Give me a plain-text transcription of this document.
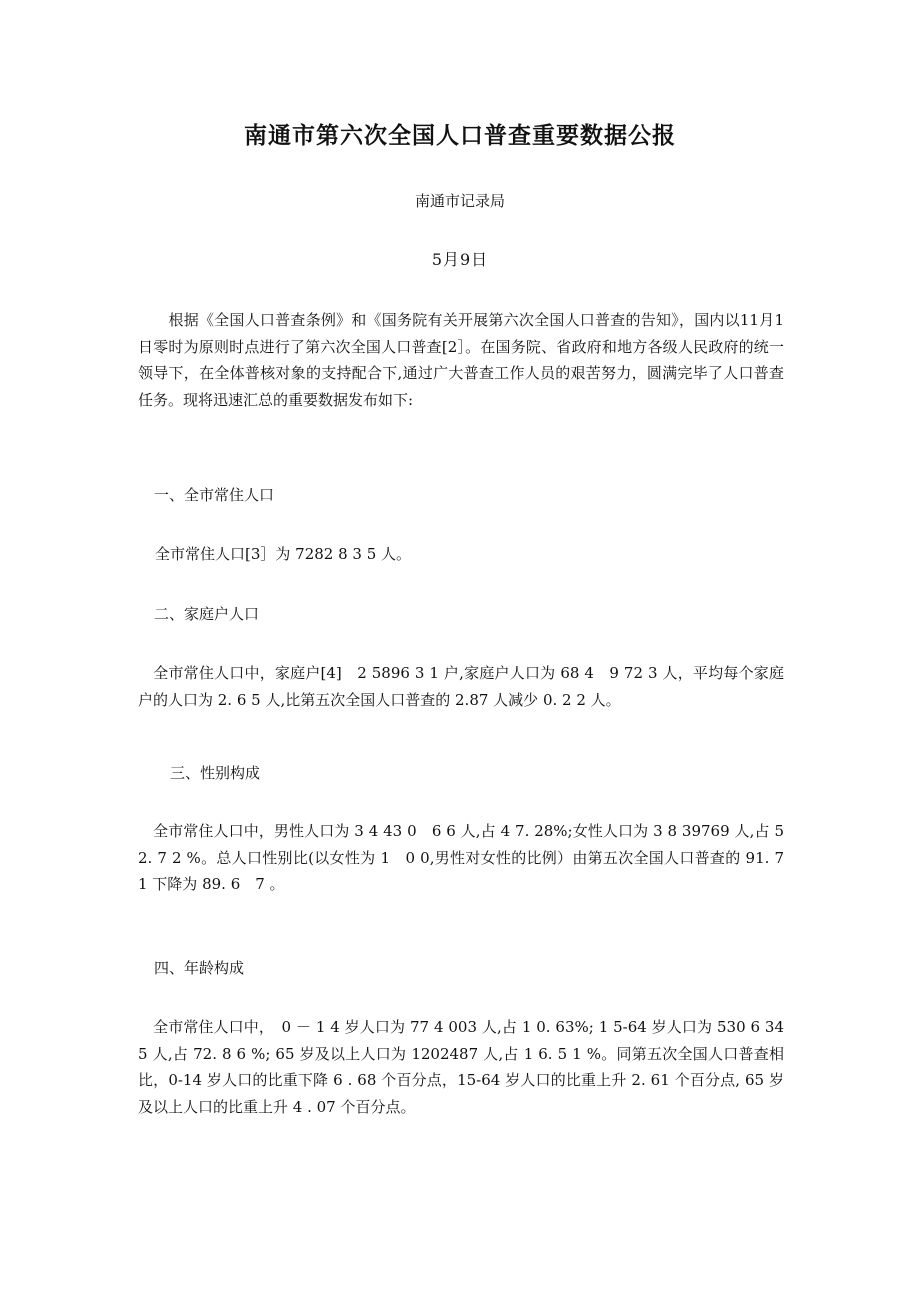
南通市第六次全国人口普查重要数据公报
南通市记录局
5月9日

　　根据《全国人口普查条例》和《国务院有关开展第六次全国人口普查的告知》，国内以11月1日零时为原则时点进行了第六次全国人口普查[2］。在国务院、省政府和地方各级人民政府的统一领导下，在全体普核对象的支持配合下,通过广大普查工作人员的艰苦努力，圆满完毕了人口普查任务。现将迅速汇总的重要数据发布如下:

一、全市常住人口

全市常住人口[3］为 7282 8 3 5 人。

二、家庭户人口

　全市常住人口中，家庭户[4]　2 5896 3 1 户,家庭户人口为 68 4　9 72 3 人，平均每个家庭户的人口为 2. 6 5 人,比第五次全国人口普查的 2.87 人减少 0. 2 2 人。

三、性别构成

　全市常住人口中，男性人口为 3 4 43 0　6 6 人,占 4 7. 28%;女性人口为 3 8 39769 人,占 5 2. 7 2 %。总人口性别比(以女性为 1　0 0,男性对女性的比例）由第五次全国人口普查的 91. 7　1 下降为 89. 6　7 。

四、年龄构成

　全市常住人口中，　0 － 1 4 岁人口为 77 4 003 人,占 1 0. 63%; 1 5-64 岁人口为 530 6 34 5 人,占 72. 8 6 %; 65 岁及以上人口为 1202487 人,占 1 6. 5 1 %。同第五次全国人口普查相比，0-14 岁人口的比重下降 6 . 68 个百分点，15-64 岁人口的比重上升 2. 61 个百分点, 65 岁及以上人口的比重上升 4 . 07 个百分点。
